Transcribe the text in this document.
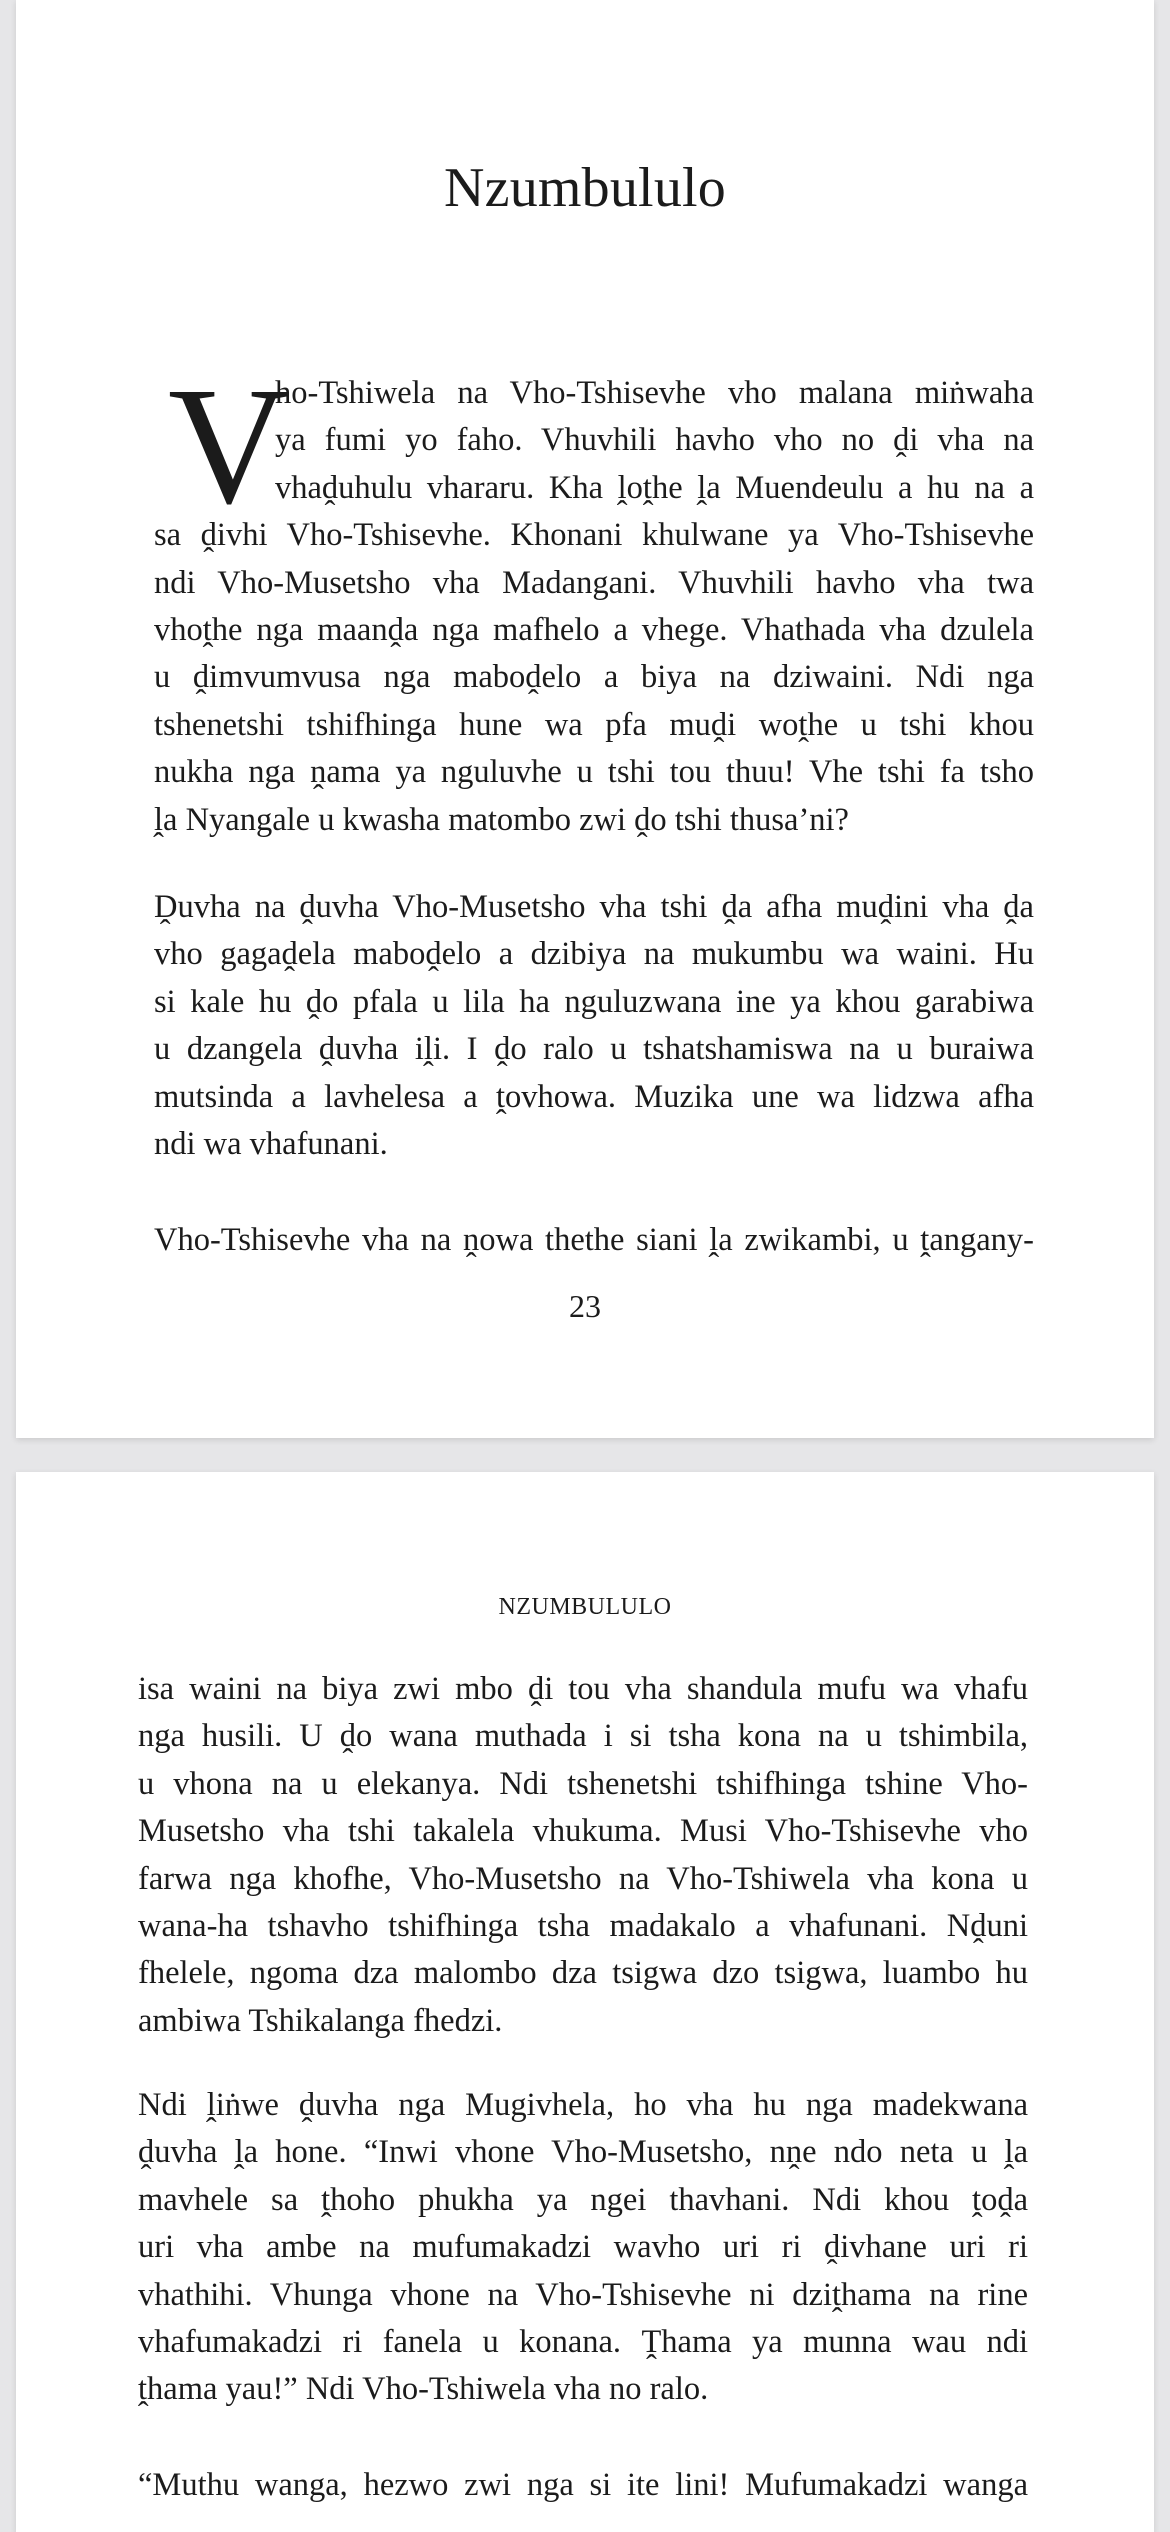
Nzumbululo
V
ho-Tshiwela na Vho-Tshisevhe vho malana miṅwaha
ya fumi yo faho. Vhuvhili havho vho no ḓi vha na
vhaḓuhulu vhararu. Kha ḽoṱhe ḽa Muendeulu a hu na a
sa ḓivhi Vho-Tshisevhe. Khonani khulwane ya Vho-Tshisevhe
ndi Vho-Musetsho vha Madangani. Vhuvhili havho vha twa
vhoṱhe nga maanḓa nga mafhelo a vhege. Vhathada vha dzulela
u ḓimvumvusa nga maboḓelo a biya na dziwaini. Ndi nga
tshenetshi tshifhinga hune wa pfa muḓi woṱhe u tshi khou
nukha nga ṋama ya nguluvhe u tshi tou thuu! Vhe tshi fa tsho
ḽa Nyangale u kwasha matombo zwi ḓo tshi thusa’ni?
Ḓuvha na ḓuvha Vho-Musetsho vha tshi ḓa afha muḓini vha ḓa
vho gagaḓela maboḓelo a dzibiya na mukumbu wa waini. Hu
si kale hu ḓo pfala u lila ha nguluzwana ine ya khou garabiwa
u dzangela ḓuvha iḽi. I ḓo ralo u tshatshamiswa na u buraiwa
mutsinda a lavhelesa a ṱovhowa. Muzika une wa lidzwa afha
ndi wa vhafunani.
Vho-Tshisevhe vha na ṋowa thethe siani ḽa zwikambi, u ṱangany-
23
NZUMBULULO
isa waini na biya zwi mbo ḓi tou vha shandula mufu wa vhafu
nga husili. U ḓo wana muthada i si tsha kona na u tshimbila,
u vhona na u elekanya. Ndi tshenetshi tshifhinga tshine Vho-
Musetsho vha tshi takalela vhukuma. Musi Vho-Tshisevhe vho
farwa nga khofhe, Vho-Musetsho na Vho-Tshiwela vha kona u
wana-ha tshavho tshifhinga tsha madakalo a vhafunani. Nḓuni
fhelele, ngoma dza malombo dza tsigwa dzo tsigwa, luambo hu
ambiwa Tshikalanga fhedzi.
Ndi ḽiṅwe ḓuvha nga Mugivhela, ho vha hu nga madekwana
ḓuvha ḽa hone. “Inwi vhone Vho-Musetsho, nṋe ndo neta u ḽa
mavhele sa ṱhoho phukha ya ngei thavhani. Ndi khou ṱoḓa
uri vha ambe na mufumakadzi wavho uri ri ḓivhane uri ri
vhathihi. Vhunga vhone na Vho-Tshisevhe ni dziṱhama na rine
vhafumakadzi ri fanela u konana. Ṱhama ya munna wau ndi
ṱhama yau!” Ndi Vho-Tshiwela vha no ralo.
“Muthu wanga, hezwo zwi nga si ite lini! Mufumakadzi wanga
